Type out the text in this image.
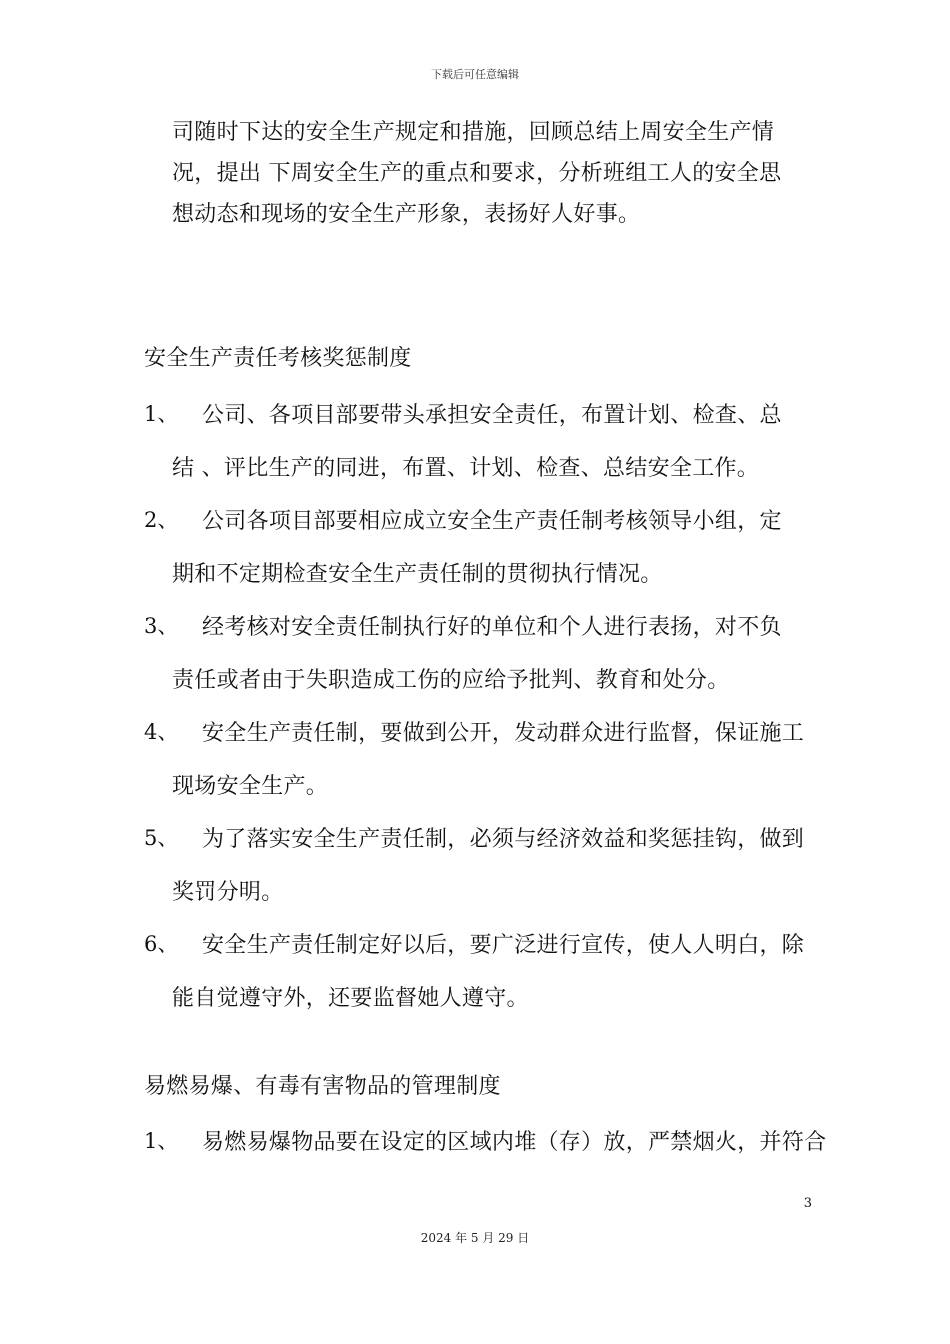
下载后可任意编辑
司随时下达的安全生产规定和措施，回顾总结上周安全生产情
况，提出 下周安全生产的重点和要求，分析班组工人的安全思
想动态和现场的安全生产形象，表扬好人好事。
安全生产责任考核奖惩制度
1、 公司、各项目部要带头承担安全责任，布置计划、检查、总
结 、评比生产的同进，布置、计划、检查、总结安全工作。
2、 公司各项目部要相应成立安全生产责任制考核领导小组，定
期和不定期检查安全生产责任制的贯彻执行情况。
3、 经考核对安全责任制执行好的单位和个人进行表扬，对不负
责任或者由于失职造成工伤的应给予批判、教育和处分。
4、 安全生产责任制，要做到公开，发动群众进行监督，保证施工
现场安全生产。
5、 为了落实安全生产责任制，必须与经济效益和奖惩挂钩，做到
奖罚分明。
6、 安全生产责任制定好以后，要广泛进行宣传，使人人明白，除
能自觉遵守外，还要监督她人遵守。
易燃易爆、有毒有害物品的管理制度
1、 易燃易爆物品要在设定的区域内堆（存）放，严禁烟火，并符合
3
2024 年 5 月 29 日
